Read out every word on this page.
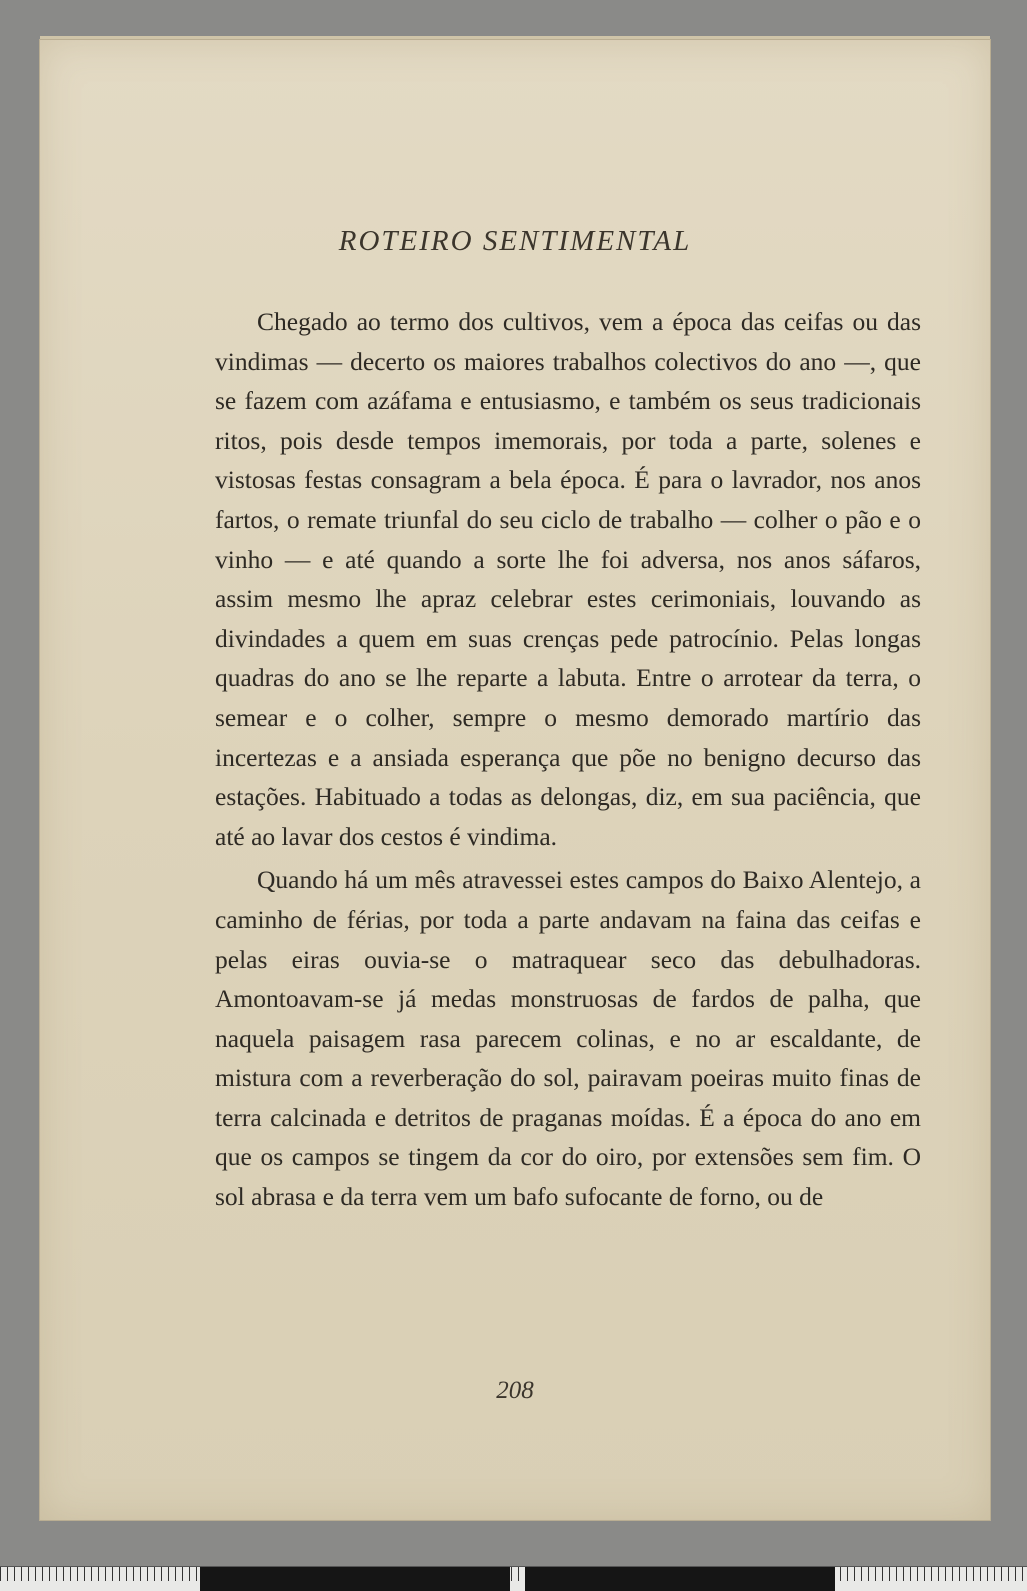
ROTEIRO SENTIMENTAL

Chegado ao termo dos cultivos, vem a época das ceifas ou das vindimas — decerto os maiores trabalhos colectivos do ano —, que se fazem com azáfama e entusiasmo, e também os seus tradicionais ritos, pois desde tempos imemorais, por toda a parte, solenes e vistosas festas consagram a bela época. É para o lavrador, nos anos fartos, o remate triunfal do seu ciclo de trabalho — colher o pão e o vinho — e até quando a sorte lhe foi adversa, nos anos sáfaros, assim mesmo lhe apraz celebrar estes cerimoniais, louvando as divindades a quem em suas crenças pede patrocínio. Pelas longas quadras do ano se lhe reparte a labuta. Entre o arrotear da terra, o semear e o colher, sempre o mesmo demorado martírio das incertezas e a ansiada esperança que põe no benigno decurso das estações. Habituado a todas as delongas, diz, em sua paciência, que até ao lavar dos cestos é vindima.

Quando há um mês atravessei estes campos do Baixo Alentejo, a caminho de férias, por toda a parte andavam na faina das ceifas e pelas eiras ouvia-se o matraquear seco das debulhadoras. Amontoavam-se já medas monstruosas de fardos de palha, que naquela paisagem rasa parecem colinas, e no ar escaldante, de mistura com a reverberação do sol, pairavam poeiras muito finas de terra calcinada e detritos de praganas moídas. É a época do ano em que os campos se tingem da cor do oiro, por extensões sem fim. O sol abrasa e da terra vem um bafo sufocante de forno, ou de

208
